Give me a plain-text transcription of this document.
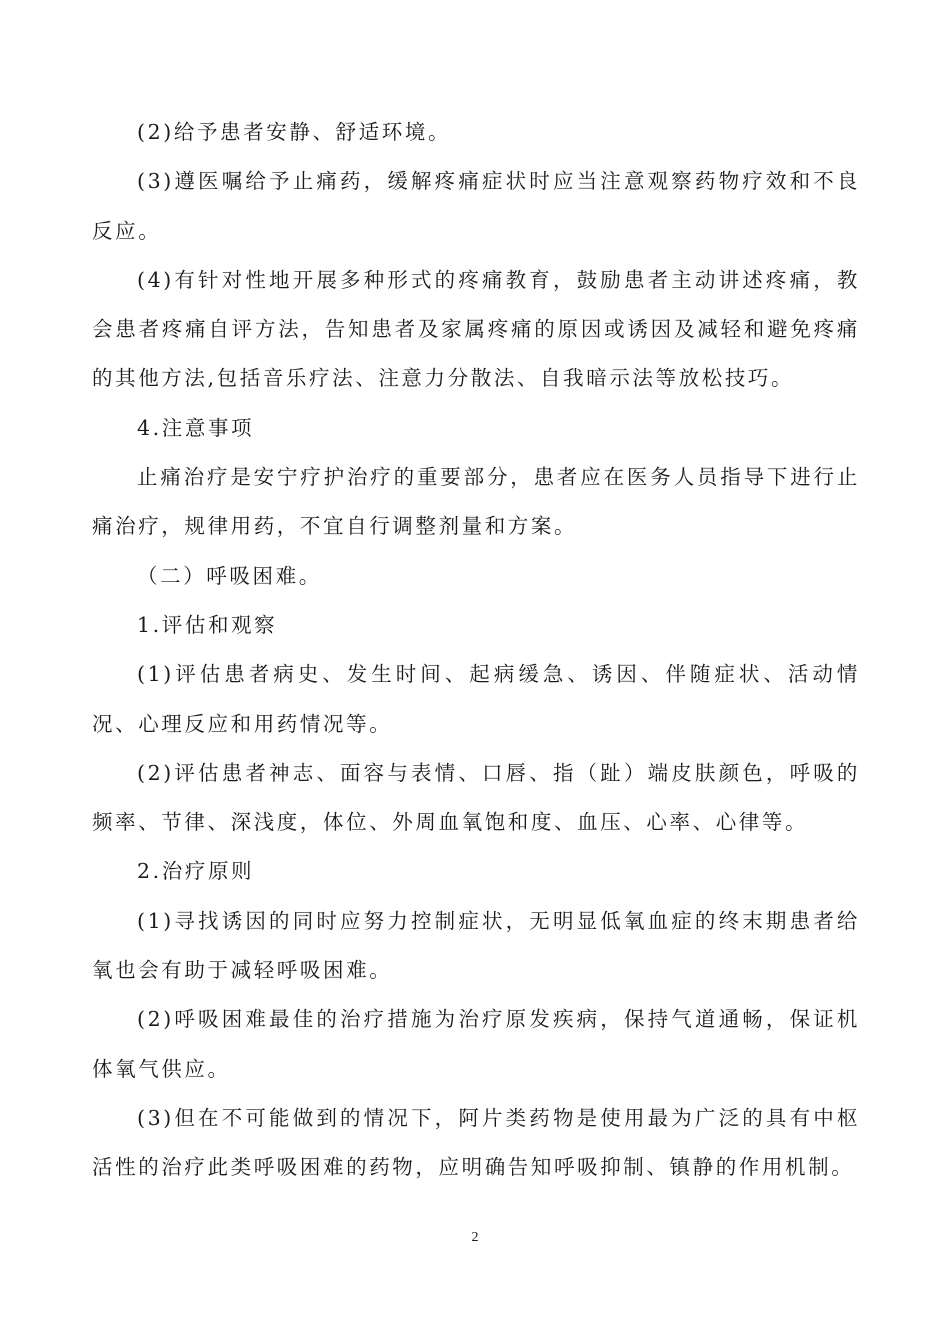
(2)给予患者安静、舒适环境。

(3)遵医嘱给予止痛药，缓解疼痛症状时应当注意观察药物疗效和不良反应。

(4)有针对性地开展多种形式的疼痛教育，鼓励患者主动讲述疼痛，教会患者疼痛自评方法，告知患者及家属疼痛的原因或诱因及减轻和避免疼痛的其他方法,包括音乐疗法、注意力分散法、自我暗示法等放松技巧。

4.注意事项

止痛治疗是安宁疗护治疗的重要部分，患者应在医务人员指导下进行止痛治疗，规律用药，不宜自行调整剂量和方案。

（二）呼吸困难。

1.评估和观察

(1)评估患者病史、发生时间、起病缓急、诱因、伴随症状、活动情况、心理反应和用药情况等。

(2)评估患者神志、面容与表情、口唇、指（趾）端皮肤颜色，呼吸的频率、节律、深浅度，体位、外周血氧饱和度、血压、心率、心律等。

2.治疗原则

(1)寻找诱因的同时应努力控制症状，无明显低氧血症的终末期患者给氧也会有助于减轻呼吸困难。

(2)呼吸困难最佳的治疗措施为治疗原发疾病，保持气道通畅，保证机体氧气供应。

(3)但在不可能做到的情况下，阿片类药物是使用最为广泛的具有中枢活性的治疗此类呼吸困难的药物，应明确告知呼吸抑制、镇静的作用机制。

2
